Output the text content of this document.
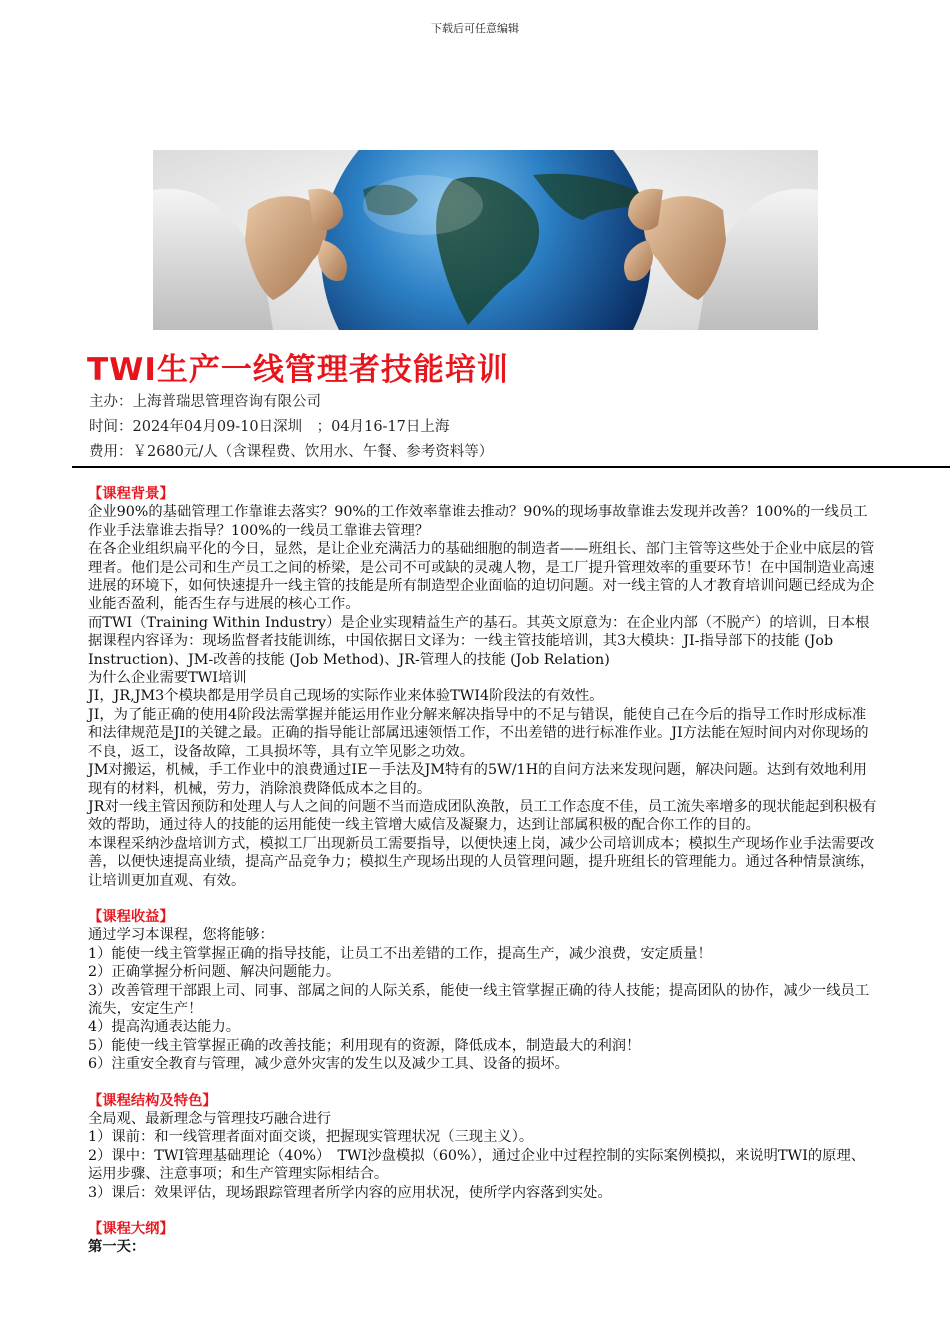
下载后可任意编辑
TWI生产一线管理者技能培训
主办：上海普瑞思管理咨询有限公司
时间：2024年04月09-10日深圳　；04月16-17日上海
费用：￥2680元/人（含课程费、饮用水、午餐、参考资料等）
【课程背景】

企业90%的基础管理工作靠谁去落实？90%的工作效率靠谁去推动？90%的现场事故靠谁去发现并改善？100%的一线员工作业手法靠谁去指导？100%的一线员工靠谁去管理？

在各企业组织扁平化的今日，显然，是让企业充满活力的基础细胞的制造者——班组长、部门主管等这些处于企业中底层的管理者。他们是公司和生产员工之间的桥梁，是公司不可或缺的灵魂人物，是工厂提升管理效率的重要环节！在中国制造业高速进展的环境下，如何快速提升一线主管的技能是所有制造型企业面临的迫切问题。对一线主管的人才教育培训问题已经成为企业能否盈利，能否生存与进展的核心工作。

而TWI（Training Within Industry）是企业实现精益生产的基石。其英文原意为：在企业内部（不脱产）的培训，日本根据课程内容译为：现场监督者技能训练，中国依据日文译为：一线主管技能培训，其3大模块：JI-指导部下的技能 (Job Instruction)、JM-改善的技能 (Job Method)、JR-管理人的技能 (Job Relation)

为什么企业需要TWI培训

JI，JR,JM3个模块都是用学员自己现场的实际作业来体验TWI4阶段法的有效性。

JI，为了能正确的使用4阶段法需掌握并能运用作业分解来解决指导中的不足与错误，能使自己在今后的指导工作时形成标准和法律规范是JI的关键之最。正确的指导能让部属迅速领悟工作，不出差错的进行标准作业。JI方法能在短时间内对你现场的不良，返工，设备故障，工具损坏等，具有立竿见影之功效。

JM对搬运，机械，手工作业中的浪费通过IE－手法及JM特有的5W/1H的自问方法来发现问题，解决问题。达到有效地利用现有的材料，机械，劳力，消除浪费降低成本之目的。

JR对一线主管因预防和处理人与人之间的问题不当而造成团队涣散，员工工作态度不佳，员工流失率增多的现状能起到积极有效的帮助，通过待人的技能的运用能使一线主管增大威信及凝聚力，达到让部属积极的配合你工作的目的。

本课程采纳沙盘培训方式，模拟工厂出现新员工需要指导，以便快速上岗，减少公司培训成本；模拟生产现场作业手法需要改善，以便快速提高业绩，提高产品竞争力；模拟生产现场出现的人员管理问题，提升班组长的管理能力。通过各种情景演练，让培训更加直观、有效。

【课程收益】

通过学习本课程，您将能够：

1）能使一线主管掌握正确的指导技能，让员工不出差错的工作，提高生产，减少浪费，安定质量！

2）正确掌握分析问题、解决问题能力。

3）改善管理干部跟上司、同事、部属之间的人际关系，能使一线主管掌握正确的待人技能；提高团队的协作，减少一线员工流失，安定生产！

4）提高沟通表达能力。

5）能使一线主管掌握正确的改善技能；利用现有的资源，降低成本，制造最大的利润！

6）注重安全教育与管理，减少意外灾害的发生以及减少工具、设备的损坏。

【课程结构及特色】

全局观、最新理念与管理技巧融合进行

1）课前：和一线管理者面对面交谈，把握现实管理状况（三现主义）。

2）课中：TWI管理基础理论（40%）　TWI沙盘模拟（60%），通过企业中过程控制的实际案例模拟，来说明TWI的原理、运用步骤、注意事项；和生产管理实际相结合。

3）课后：效果评估，现场跟踪管理者所学内容的应用状况，使所学内容落到实处。

【课程大纲】

第一天：
